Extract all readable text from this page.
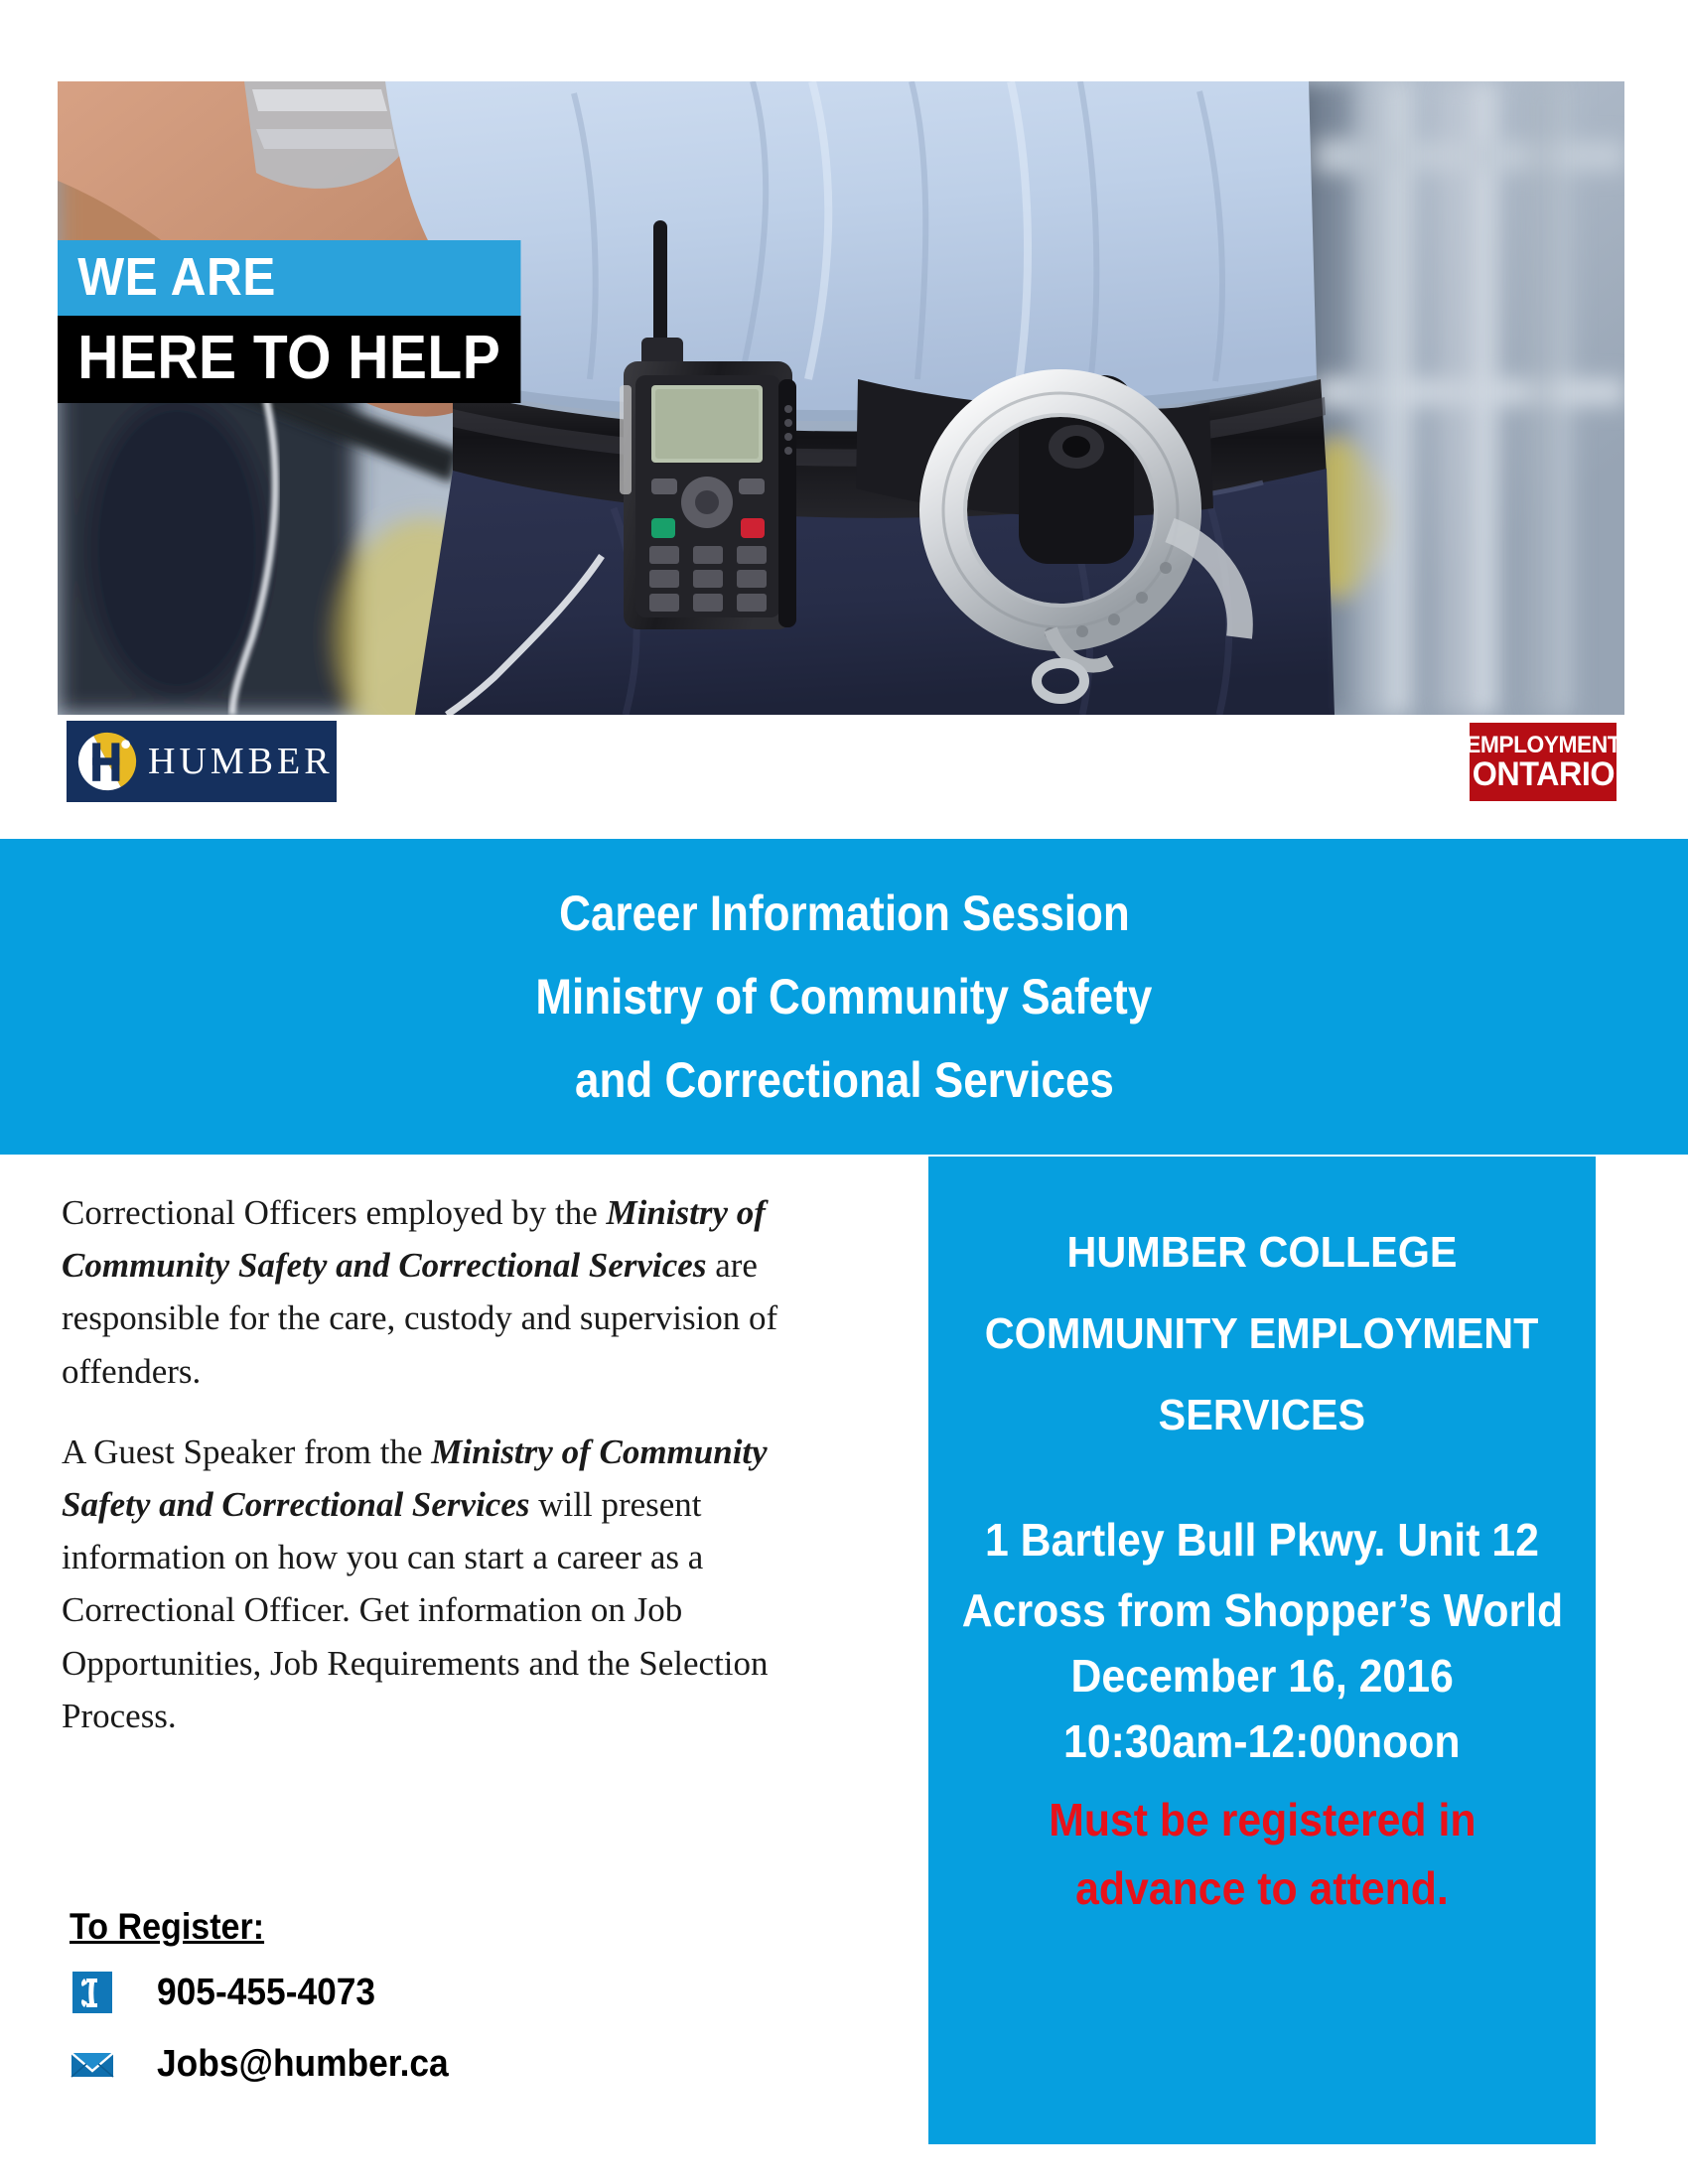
WE ARE
HERE TO HELP
HUMBER	EMPLOYMENT
ONTARIO
Career Information Session
Ministry of Community Safety
and Correctional Services

Correctional Officers employed by the Ministry of Community Safety and Correctional Services are responsible for the care, custody and supervision of offenders.

A Guest Speaker from the Ministry of Community Safety and Correctional Services will present information on how you can start a career as a Correctional Officer. Get information on Job Opportunities, Job Requirements and the Selection Process.

To Register:
905-455-4073
Jobs@humber.ca
HUMBER COLLEGE
COMMUNITY EMPLOYMENT
SERVICES
1 Bartley Bull Pkwy. Unit 12
Across from Shopper’s World
December 16, 2016
10:30am-12:00noon
Must be registered in
advance to attend.
